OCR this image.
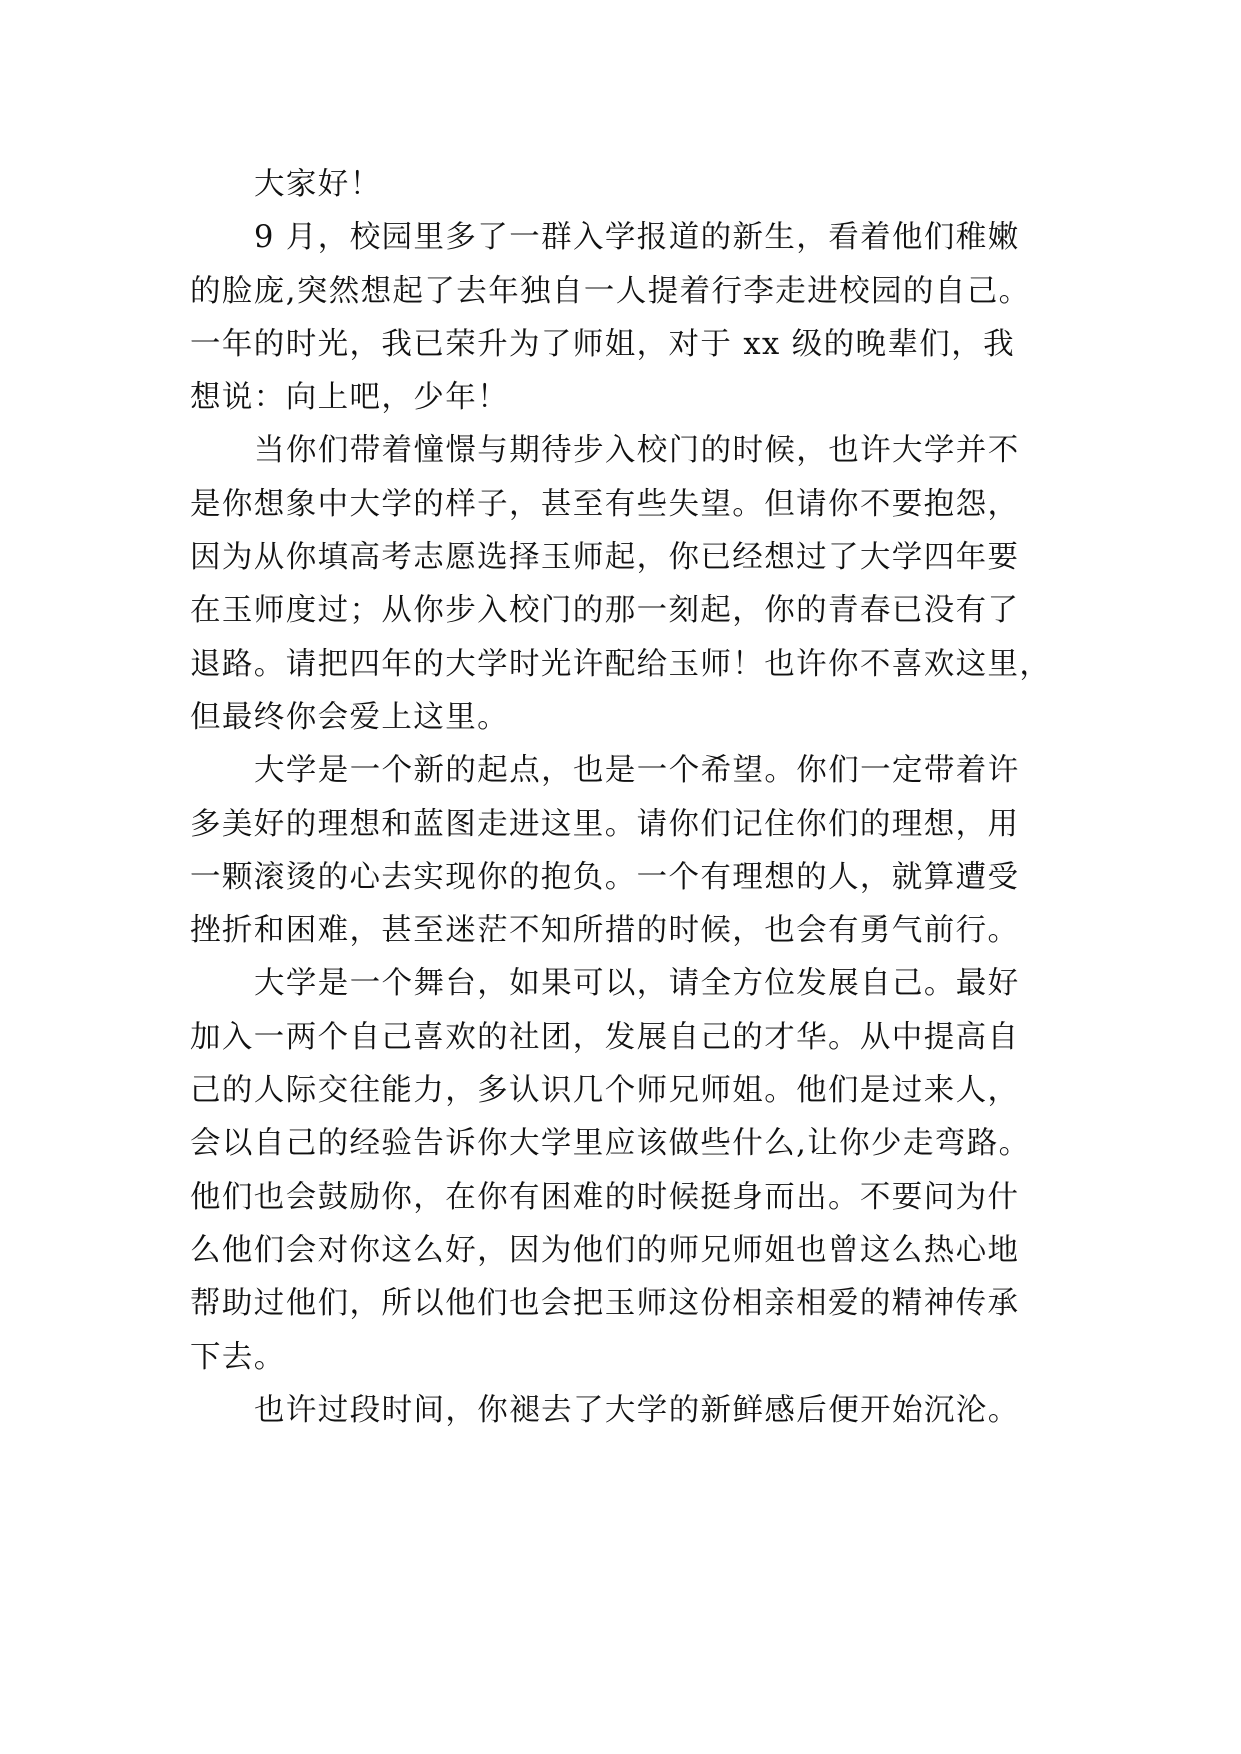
大家好！
9 月，校园里多了一群入学报道的新生，看着他们稚嫩
的脸庞,突然想起了去年独自一人提着行李走进校园的自己。
一年的时光，我已荣升为了师姐，对于 xx 级的晚辈们，我
想说：向上吧，少年！
当你们带着憧憬与期待步入校门的时候，也许大学并不
是你想象中大学的样子，甚至有些失望。但请你不要抱怨，
因为从你填高考志愿选择玉师起，你已经想过了大学四年要
在玉师度过；从你步入校门的那一刻起，你的青春已没有了
退路。请把四年的大学时光许配给玉师！也许你不喜欢这里，
但最终你会爱上这里。
大学是一个新的起点，也是一个希望。你们一定带着许
多美好的理想和蓝图走进这里。请你们记住你们的理想，用
一颗滚烫的心去实现你的抱负。一个有理想的人，就算遭受
挫折和困难，甚至迷茫不知所措的时候，也会有勇气前行。
大学是一个舞台，如果可以，请全方位发展自己。最好
加入一两个自己喜欢的社团，发展自己的才华。从中提高自
己的人际交往能力，多认识几个师兄师姐。他们是过来人，
会以自己的经验告诉你大学里应该做些什么,让你少走弯路。
他们也会鼓励你，在你有困难的时候挺身而出。不要问为什
么他们会对你这么好，因为他们的师兄师姐也曾这么热心地
帮助过他们，所以他们也会把玉师这份相亲相爱的精神传承
下去。
也许过段时间，你褪去了大学的新鲜感后便开始沉沦。
